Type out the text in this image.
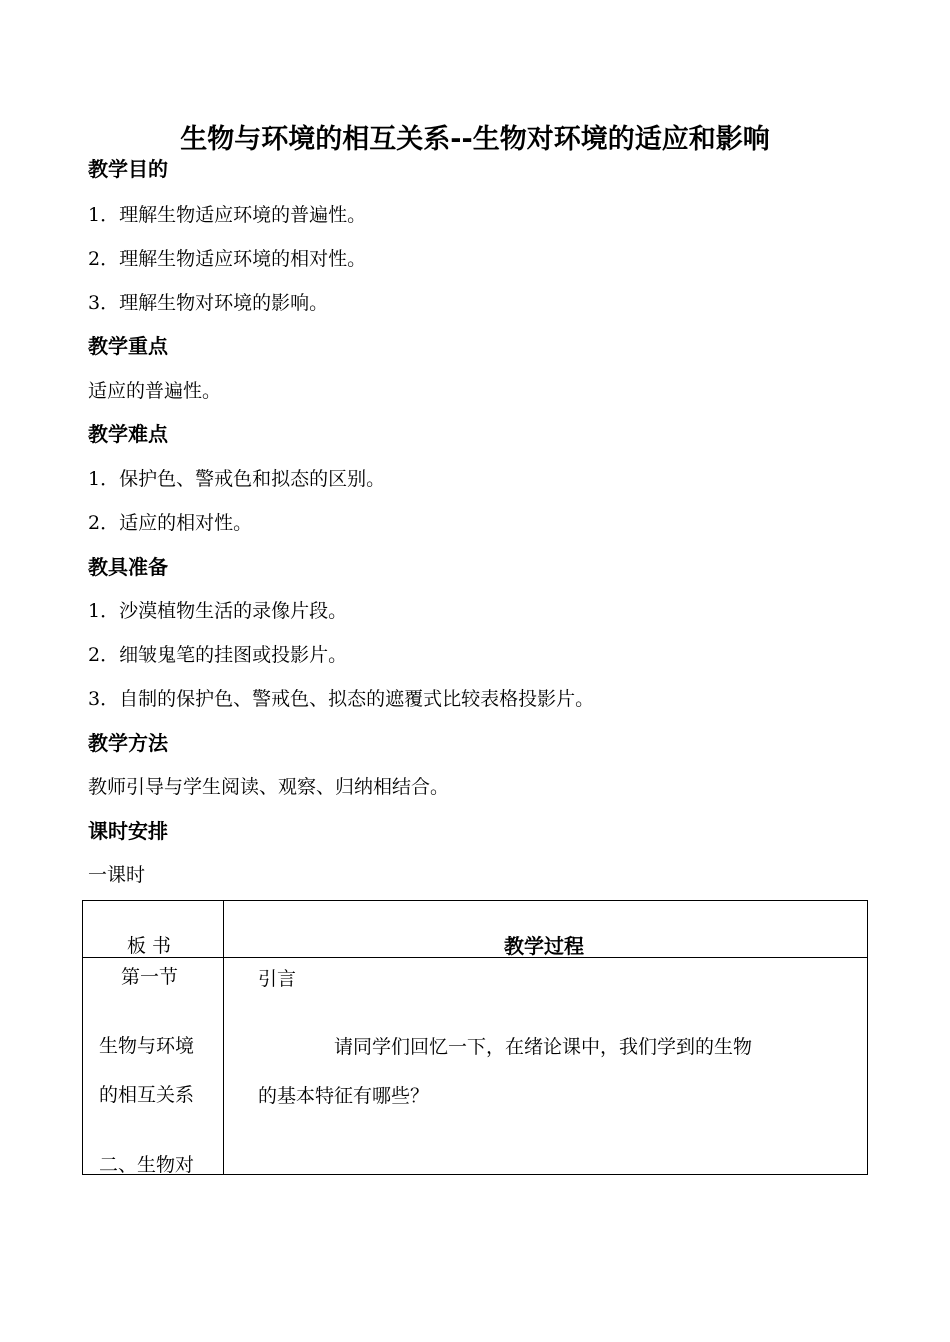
生物与环境的相互关系--生物对环境的适应和影响
教学目的
1．理解生物适应环境的普遍性。
2．理解生物适应环境的相对性。
3．理解生物对环境的影响。
教学重点
适应的普遍性。
教学难点
1．保护色、警戒色和拟态的区别。
2．适应的相对性。
教具准备
1．沙漠植物生活的录像片段。
2．细皱鬼笔的挂图或投影片。
3．自制的保护色、警戒色、拟态的遮覆式比较表格投影片。
教学方法
教师引导与学生阅读、观察、归纳相结合。
课时安排
一课时
板 书	教学过程
第一节
生物与环境
的相互关系
二、生物对
引言
请同学们回忆一下，在绪论课中，我们学到的生物
的基本特征有哪些？
